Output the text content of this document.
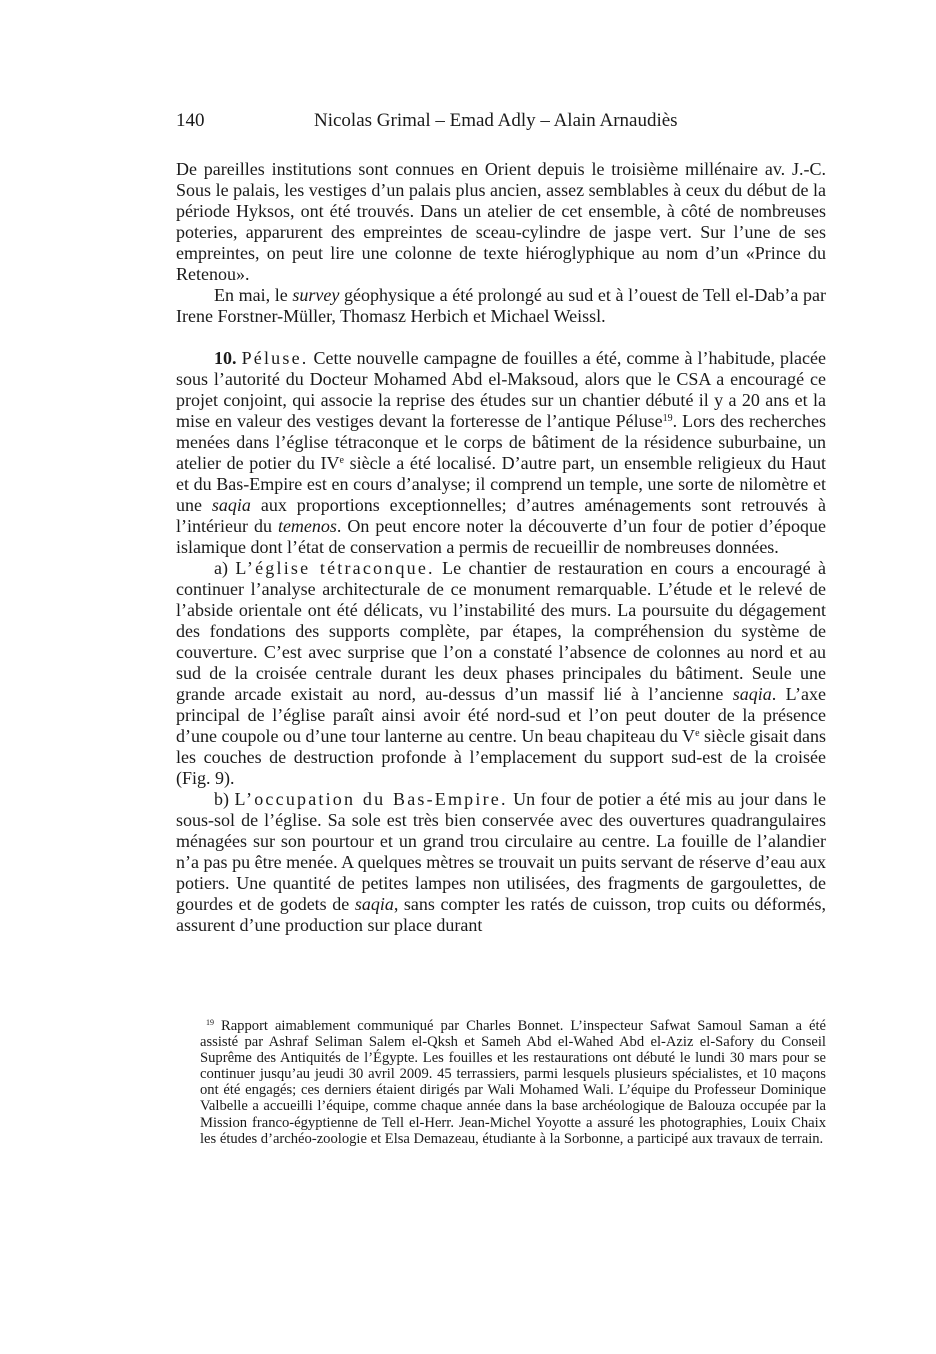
140	Nicolas Grimal – Emad Adly – Alain Arnaudiès

De pareilles institutions sont connues en Orient depuis le troisième millénaire av. J.-C. Sous le palais, les vestiges d’un palais plus ancien, assez semblables à ceux du début de la période Hyksos, ont été trouvés. Dans un atelier de cet ensemble, à côté de nombreuses poteries, apparurent des empreintes de sceau-cylindre de jaspe vert. Sur l’une de ses empreintes, on peut lire une colonne de texte hiéroglyphique au nom d’un «Prince du Retenou».

En mai, le survey géophysique a été prolongé au sud et à l’ouest de Tell el-Dab’a par Irene Forstner-Müller, Thomasz Herbich et Michael Weissl.

10. Péluse. Cette nouvelle campagne de fouilles a été, comme à l’habitude, placée sous l’autorité du Docteur Mohamed Abd el-Maksoud, alors que le CSA a encouragé ce projet conjoint, qui associe la reprise des études sur un chantier débuté il y a 20 ans et la mise en valeur des vestiges devant la forteresse de l’antique Péluse$^{19}$. Lors des recherches menées dans l’église tétraconque et le corps de bâtiment de la résidence suburbaine, un atelier de potier du IVe siècle a été localisé. D’autre part, un ensemble religieux du Haut et du Bas-Empire est en cours d’analyse; il comprend un temple, une sorte de nilomètre et une saqia aux proportions exceptionnelles; d’autres aménagements sont retrouvés à l’intérieur du temenos. On peut encore noter la découverte d’un four de potier d’époque islamique dont l’état de conservation a permis de recueillir de nombreuses données.

a) L’église tétraconque. Le chantier de restauration en cours a encouragé à continuer l’analyse architecturale de ce monument remarquable. L’étude et le relevé de l’abside orientale ont été délicats, vu l’instabilité des murs. La poursuite du dégagement des fondations des supports complète, par étapes, la compréhension du système de couverture. C’est avec surprise que l’on a constaté l’absence de colonnes au nord et au sud de la croisée centrale durant les deux phases principales du bâtiment. Seule une grande arcade existait au nord, au-dessus d’un massif lié à l’ancienne saqia. L’axe principal de l’église paraît ainsi avoir été nord-sud et l’on peut douter de la présence d’une coupole ou d’une tour lanterne au centre. Un beau chapiteau du Ve siècle gisait dans les couches de destruction profonde à l’emplacement du support sud-est de la croisée (Fig. 9).

b) L’occupation du Bas-Empire. Un four de potier a été mis au jour dans le sous-sol de l’église. Sa sole est très bien conservée avec des ouvertures quadrangulaires ménagées sur son pourtour et un grand trou circulaire au centre. La fouille de l’alandier n’a pas pu être menée. A quelques mètres se trouvait un puits servant de réserve d’eau aux potiers. Une quantité de petites lampes non utilisées, des fragments de gargoulettes, de gourdes et de godets de saqia, sans compter les ratés de cuisson, trop cuits ou déformés, assurent d’une production sur place durant

$^{19}$ Rapport aimablement communiqué par Charles Bonnet. L’inspecteur Safwat Samoul Saman a été assisté par Ashraf Seliman Salem el-Qksh et Sameh Abd el-Wahed Abd el-Aziz el-Safory du Conseil Suprême des Antiquités de l’Égypte. Les fouilles et les restaurations ont débuté le lundi 30 mars pour se continuer jusqu’au jeudi 30 avril 2009. 45 terrassiers, parmi lesquels plusieurs spécialistes, et 10 maçons ont été engagés; ces derniers étaient dirigés par Wali Mohamed Wali. L’équipe du Professeur Dominique Valbelle a accueilli l’équipe, comme chaque année dans la base archéologique de Balouza occupée par la Mission franco-égyptienne de Tell el-Herr. Jean-Michel Yoyotte a assuré les photographies, Louix Chaix les études d’archéo-zoologie et Elsa Demazeau, étudiante à la Sorbonne, a participé aux travaux de terrain.
